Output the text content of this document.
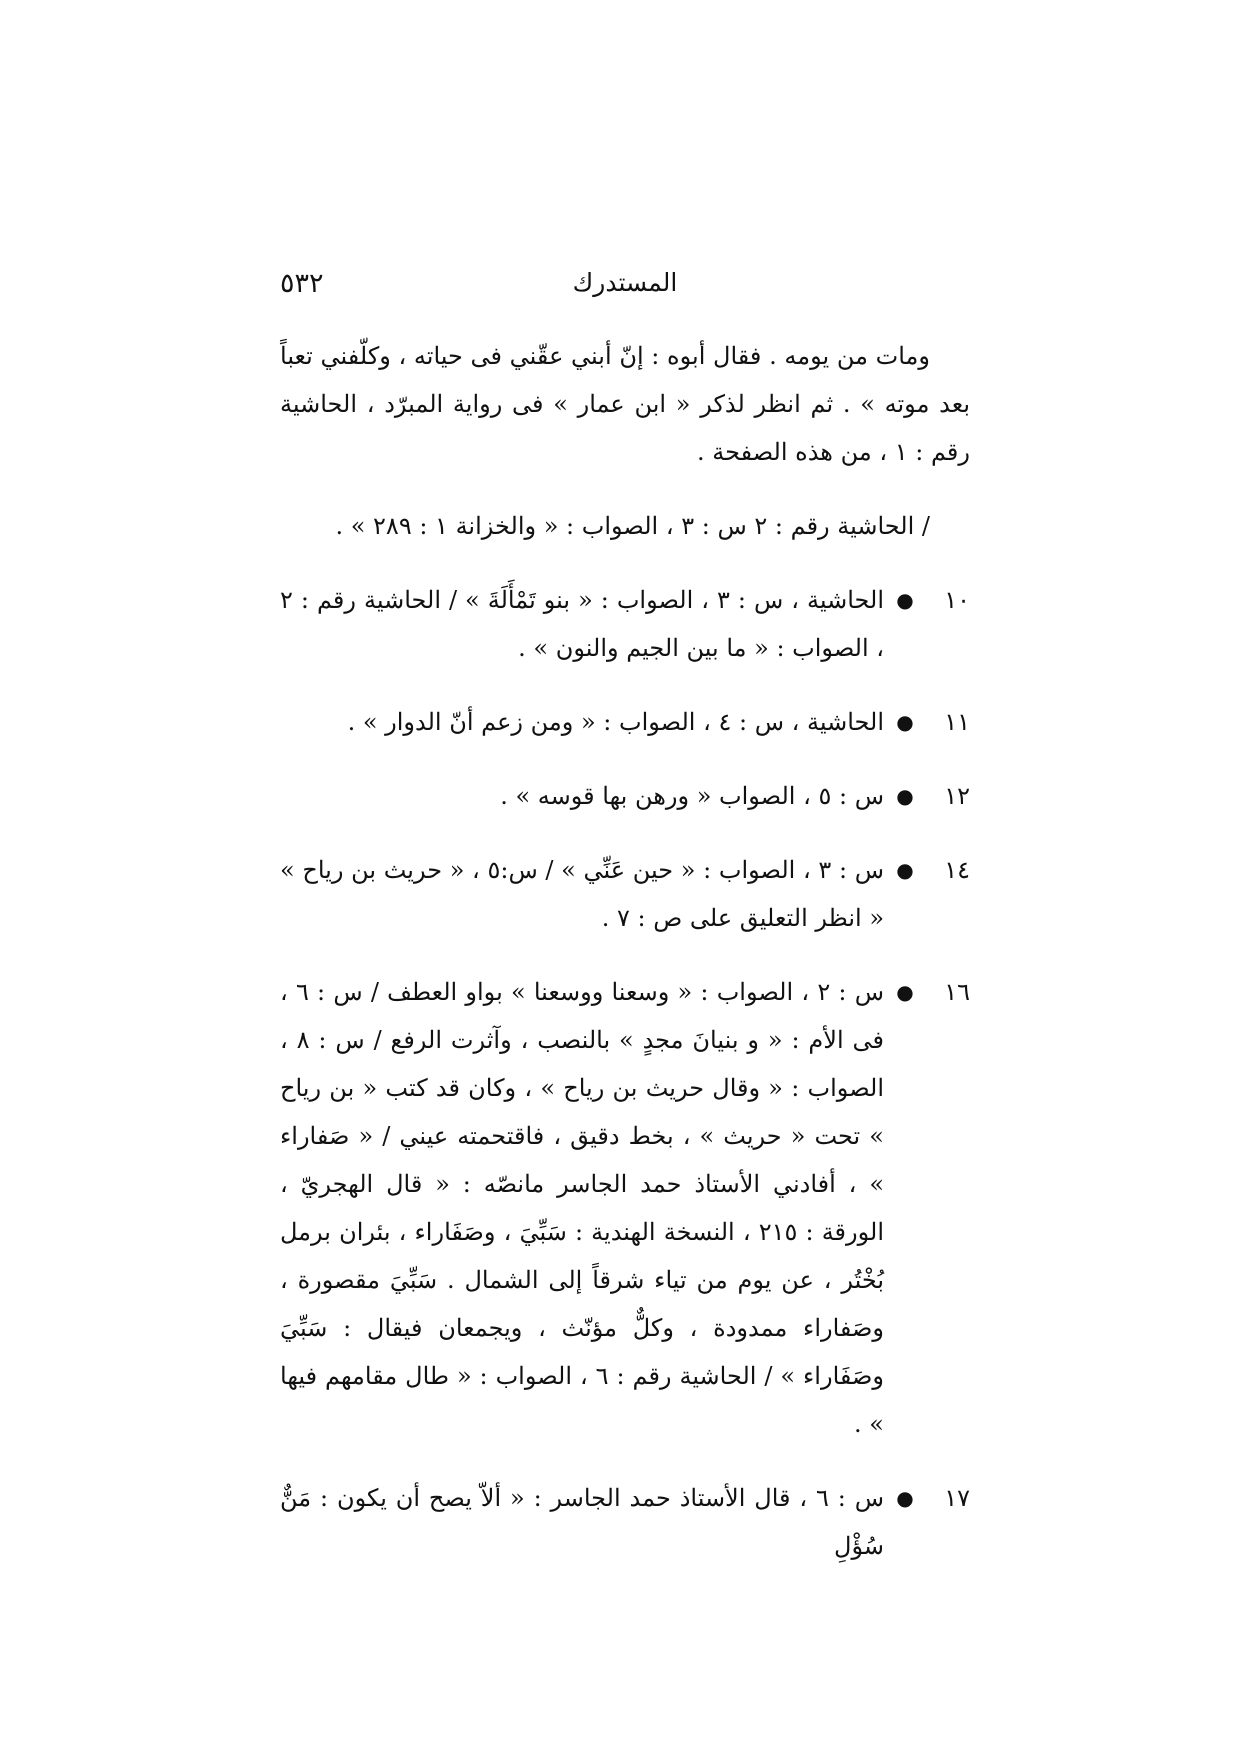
٥٣٢	المستدرك

ومات من يومه . فقال أبوه : إنّ أبني عقّني فى حياته ، وكلّفني تعباً بعد موته » . ثم انظر لذكر « ابن عمار » فى رواية المبرّد ، الحاشية رقم : ١ ، من هذه الصفحة .

/ الحاشية رقم : ٢ س : ٣ ، الصواب : « والخزانة ١ : ٢٨٩ » .

١٠
●
الحاشية ، س : ٣ ، الصواب : « بنو تَمْأَلَةَ » / الحاشية رقم : ٢ ، الصواب : « ما بين الجيم والنون » .
١١
●
الحاشية ، س : ٤ ، الصواب : « ومن زعم أنّ الدوار » .
١٢
●
س : ٥ ، الصواب « ورهن بها قوسه » .
١٤
●
س : ٣ ، الصواب : « حين عَنِّي » / س:٥ ، « حريث بن رياح » « انظر التعليق على ص : ٧ .
١٦
●
س : ٢ ، الصواب : « وسعنا ووسعنا » بواو العطف / س : ٦ ، فى الأم : « و بنيانَ مجدٍ » بالنصب ، وآثرت الرفع / س : ٨ ، الصواب : « وقال حريث بن رياح » ، وكان قد كتب « بن رياح » تحت « حريث » ، بخط دقيق ، فاقتحمته عيني / « صَفاراء » ، أفادني الأستاذ حمد الجاسر مانصّه : « قال الهجريّ ، الورقة : ٢١٥ ، النسخة الهندية : سَبِّيَ ، وصَفَاراء ، بئران برمل بُخْتُر ، عن يوم من تياء شرقاً إلى الشمال . سَبِّيَ مقصورة ، وصَفاراء ممدودة ، وكلٌّ مؤنّث ، ويجمعان فيقال : سَبِّيَ وصَفَاراء » / الحاشية رقم : ٦ ، الصواب : « طال مقامهم فيها » .
١٧
●
س : ٦ ، قال الأستاذ حمد الجاسر : « ألاّ يصح أن يكون : مَنٌّ سُؤْلِ
